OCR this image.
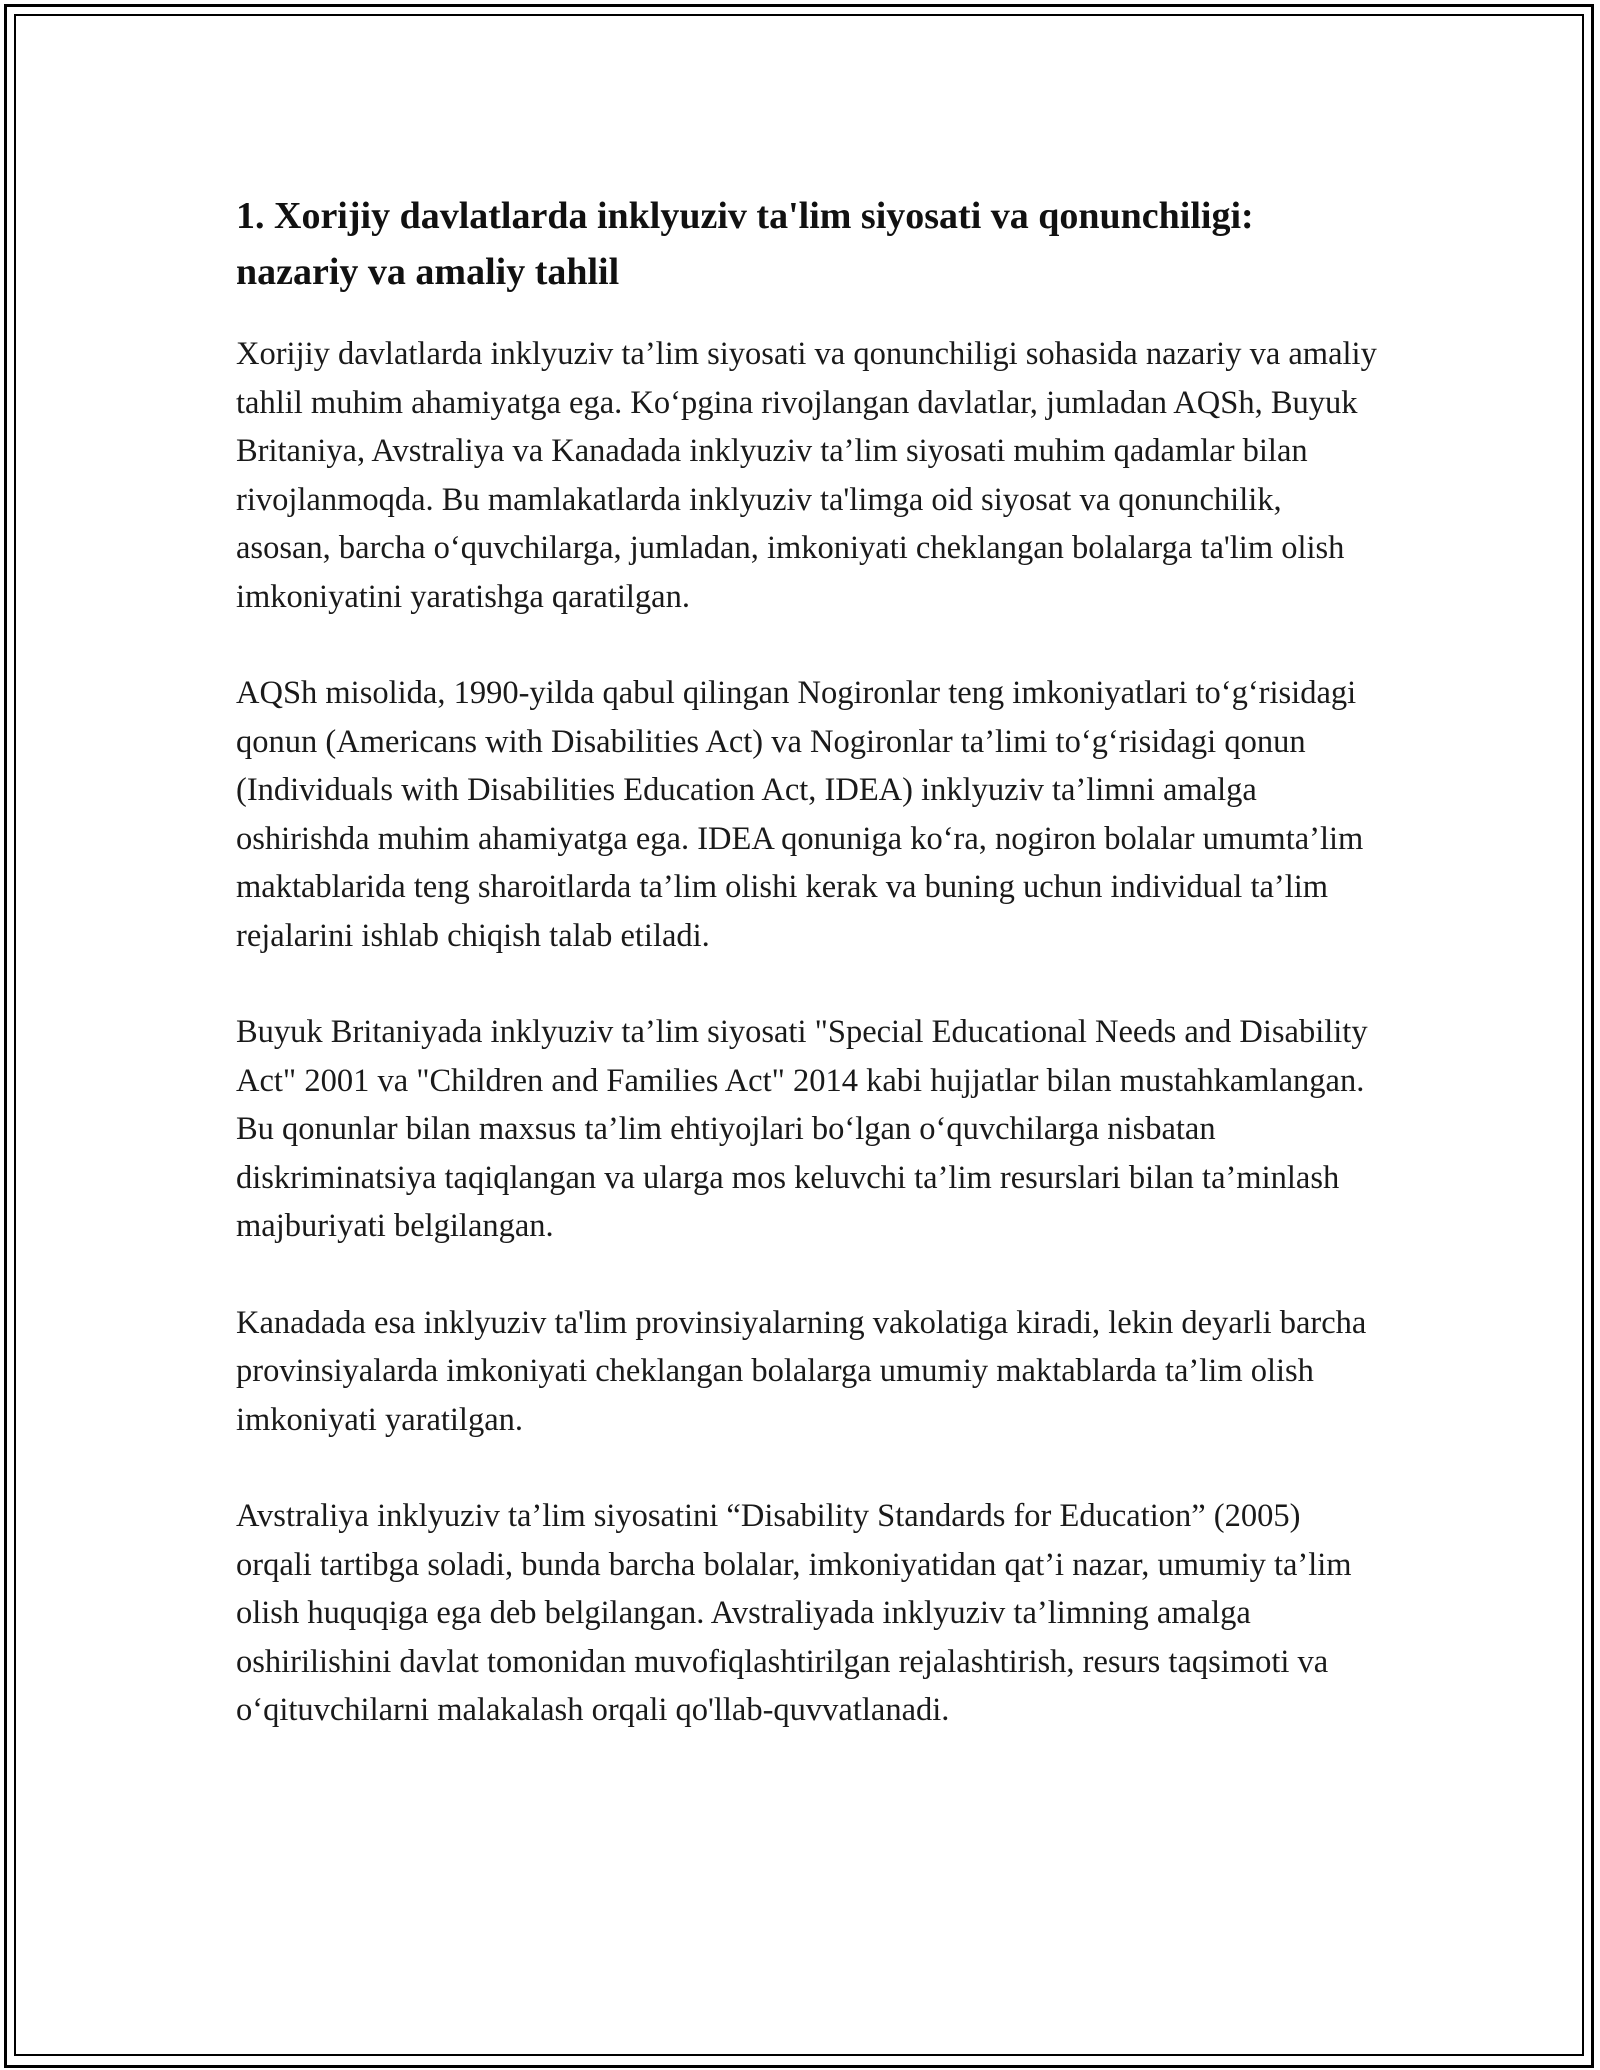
1. Xorijiy davlatlarda inklyuziv ta'lim siyosati va qonunchiligi: nazariy va amaliy tahlil

Xorijiy davlatlarda inklyuziv ta’lim siyosati va qonunchiligi sohasida nazariy va amaliy tahlil muhim ahamiyatga ega. Koʻpgina rivojlangan davlatlar, jumladan AQSh, Buyuk Britaniya, Avstraliya va Kanadada inklyuziv ta’lim siyosati muhim qadamlar bilan rivojlanmoqda. Bu mamlakatlarda inklyuziv ta'limga oid siyosat va qonunchilik, asosan, barcha oʻquvchilarga, jumladan, imkoniyati cheklangan bolalarga ta'lim olish imkoniyatini yaratishga qaratilgan.

AQSh misolida, 1990-yilda qabul qilingan Nogironlar teng imkoniyatlari toʻgʻrisidagi qonun (Americans with Disabilities Act) va Nogironlar ta’limi toʻgʻrisidagi qonun (Individuals with Disabilities Education Act, IDEA) inklyuziv ta’limni amalga oshirishda muhim ahamiyatga ega. IDEA qonuniga koʻra, nogiron bolalar umumta’lim maktablarida teng sharoitlarda ta’lim olishi kerak va buning uchun individual ta’lim rejalarini ishlab chiqish talab etiladi.

Buyuk Britaniyada inklyuziv ta’lim siyosati "Special Educational Needs and Disability Act" 2001 va "Children and Families Act" 2014 kabi hujjatlar bilan mustahkamlangan. Bu qonunlar bilan maxsus ta’lim ehtiyojlari boʻlgan oʻquvchilarga nisbatan diskriminatsiya taqiqlangan va ularga mos keluvchi ta’lim resurslari bilan ta’minlash majburiyati belgilangan.

Kanadada esa inklyuziv ta'lim provinsiyalarning vakolatiga kiradi, lekin deyarli barcha provinsiyalarda imkoniyati cheklangan bolalarga umumiy maktablarda ta’lim olish imkoniyati yaratilgan.

Avstraliya inklyuziv ta’lim siyosatini “Disability Standards for Education” (2005) orqali tartibga soladi, bunda barcha bolalar, imkoniyatidan qat’i nazar, umumiy ta’lim olish huquqiga ega deb belgilangan. Avstraliyada inklyuziv ta’limning amalga oshirilishini davlat tomonidan muvofiqlashtirilgan rejalashtirish, resurs taqsimoti va oʻqituvchilarni malakalash orqali qo'llab-quvvatlanadi.
